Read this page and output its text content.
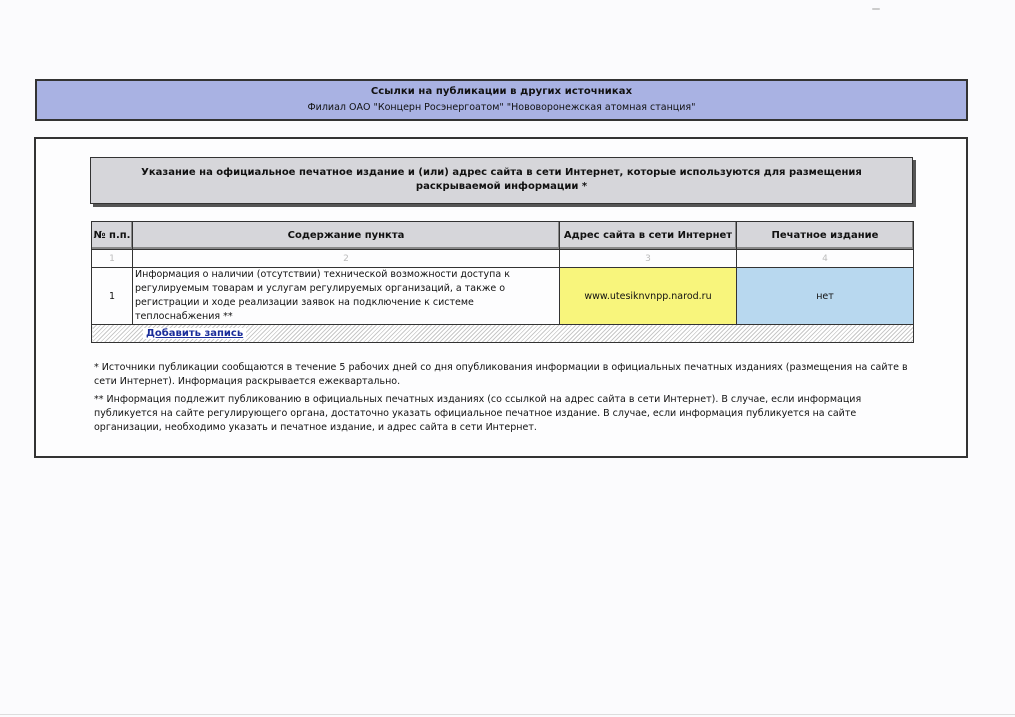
Ссылки на публикации в других источниках
Филиал ОАО "Концерн Росэнергоатом" "Нововоронежская атомная станция"
Указание на официальное печатное издание и (или) адрес сайта в сети Интернет, которые используются для размещения раскрываемой информации *
№ п.п.	Содержание пункта	Адрес сайта в сети Интернет	Печатное издание
1	2	3	4
1	Информация о наличии (отсутствии) технической возможности доступа к регулируемым товарам и услугам регулируемых организаций, а также о регистрации и ходе реализации заявок на подключение к системе теплоснабжения **	www.utesiknvnpp.narod.ru	нет
Добавить запись			

* Источники публикации сообщаются в течение 5 рабочих дней со дня опубликования информации в официальных печатных изданиях (размещения на сайте в сети Интернет). Информация раскрывается ежеквартально.

** Информация подлежит публикованию в официальных печатных изданиях (со ссылкой на адрес сайта в сети Интернет). В случае, если информация публикуется на сайте регулирующего органа, достаточно указать официальное печатное издание. В случае, если информация публикуется на сайте организации, необходимо указать и печатное издание, и адрес сайта в сети Интернет.
